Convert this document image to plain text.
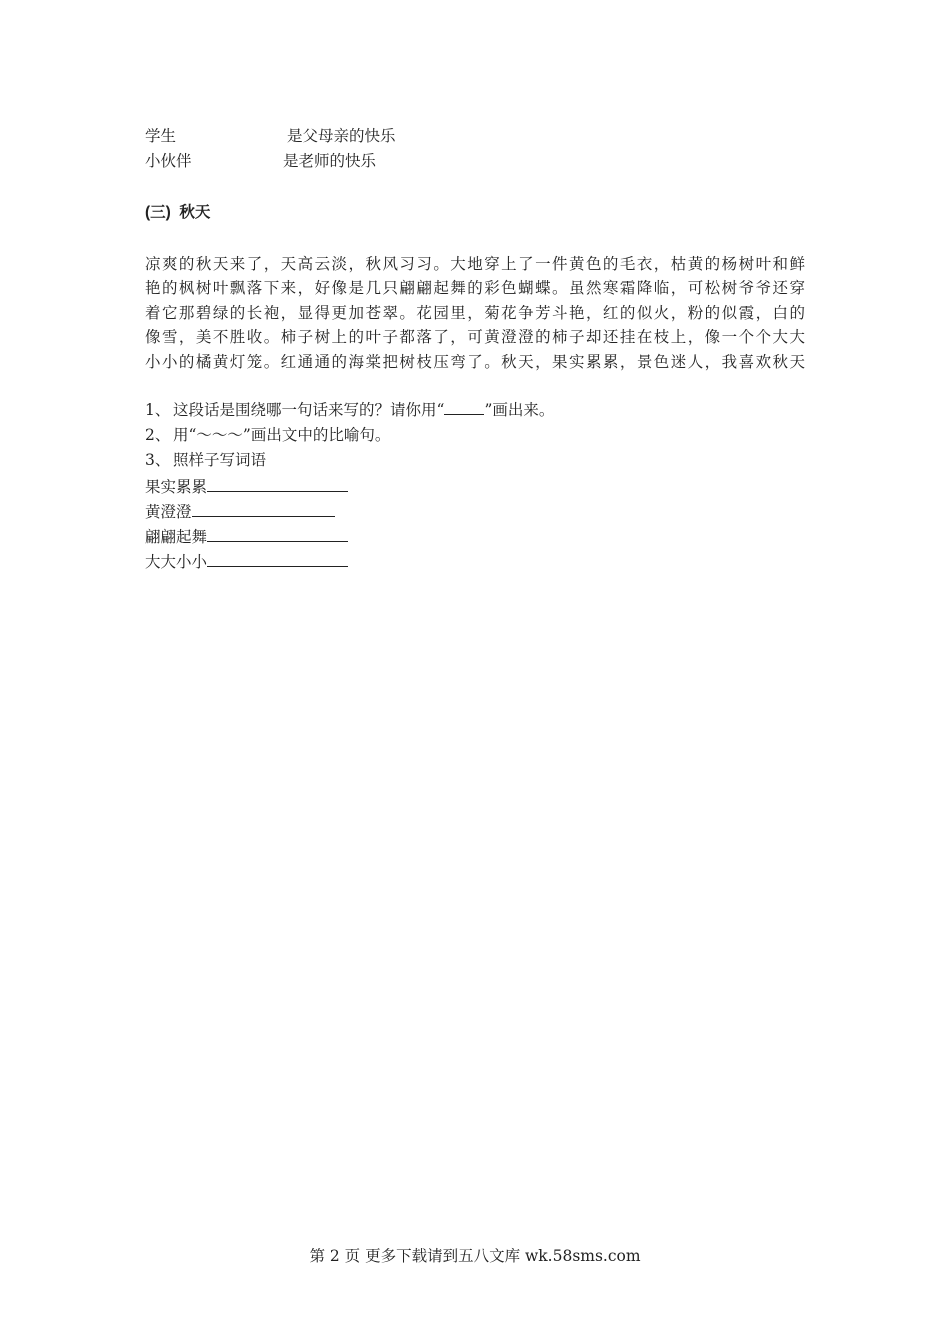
学生	是父母亲的快乐
小伙伴	是老师的快乐
(三)  秋天
凉爽的秋天来了，天高云淡，秋风习习。大地穿上了一件黄色的毛衣，枯黄的杨树叶和鲜
艳的枫树叶飘落下来，好像是几只翩翩起舞的彩色蝴蝶。虽然寒霜降临，可松树爷爷还穿
着它那碧绿的长袍，显得更加苍翠。花园里，菊花争芳斗艳，红的似火，粉的似霞，白的
像雪，美不胜收。柿子树上的叶子都落了，可黄澄澄的柿子却还挂在枝上，像一个个大大
小小的橘黄灯笼。红通通的海棠把树枝压弯了。秋天，果实累累，景色迷人，我喜欢秋天
1、 这段话是围绕哪一句话来写的？请你用“	”画出来。
2、 用“～～～”画出文中的比喻句。
3、 照样子写词语
果实累累
黄澄澄
翩翩起舞
大大小小
第 2 页 更多下载请到五八文库 wk.58sms.com
